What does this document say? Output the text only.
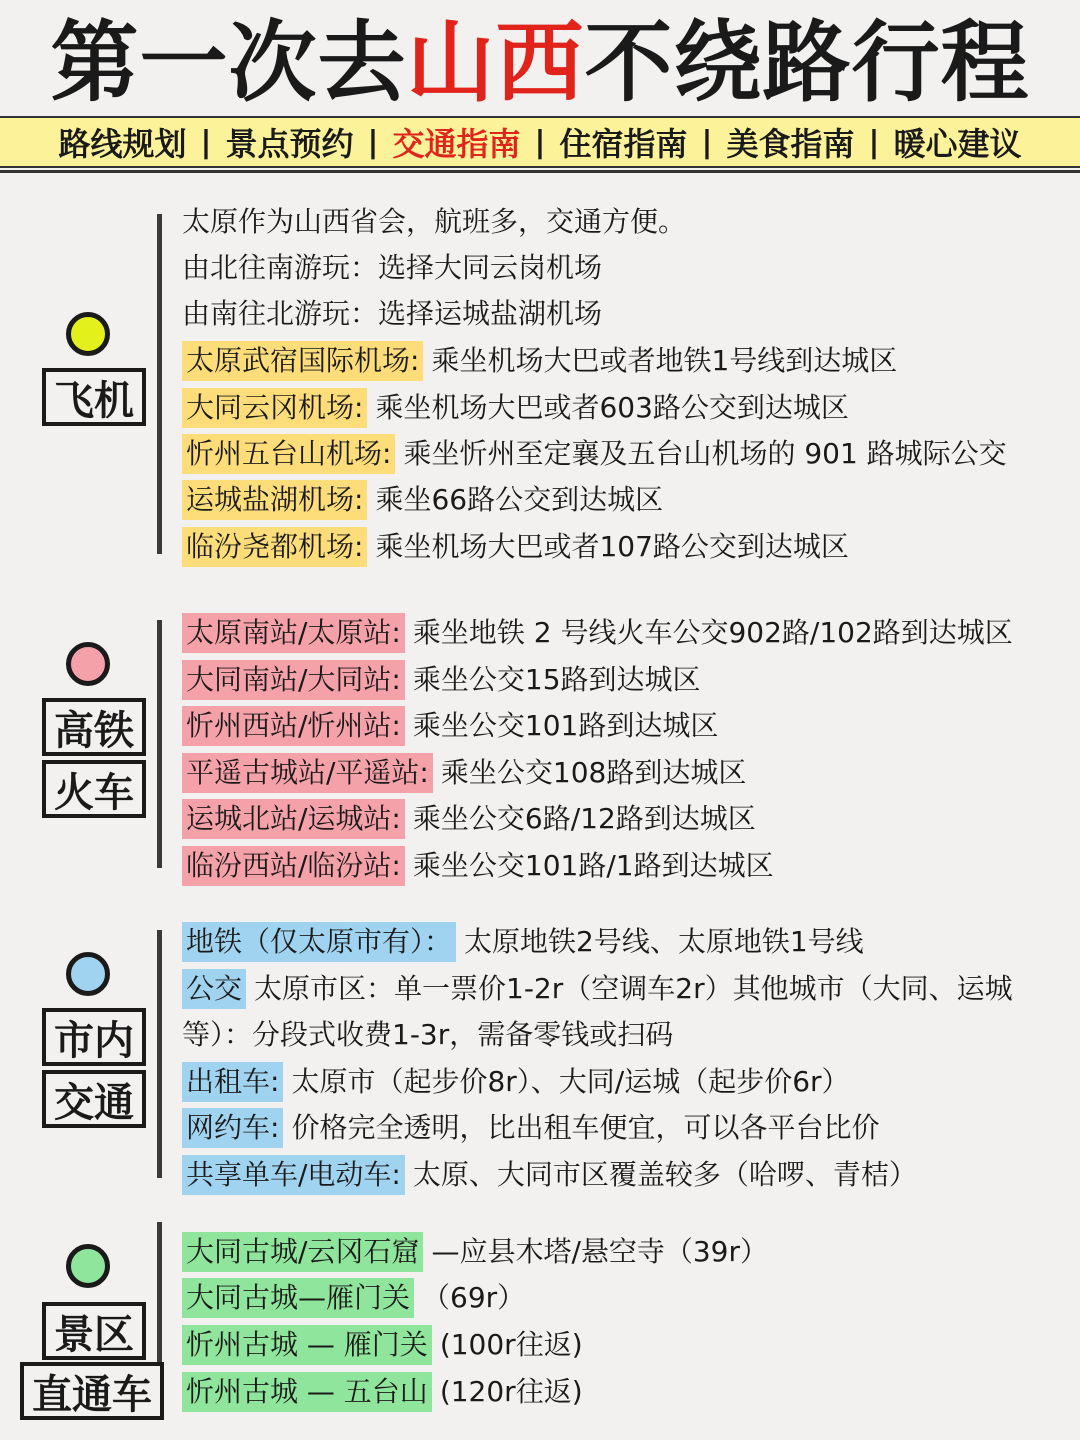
第一次去 山西 不绕路行程
路线规划 | 景点预约 | 交通指南 | 住宿指南 | 美食指南 | 暖心建议
飞机
太原作为山西省会，航班多，交通方便。
由北往南游玩：选择大同云岗机场
由南往北游玩：选择运城盐湖机场
太原武宿国际机场: 乘坐机场大巴或者地铁1号线到达城区
大同云冈机场: 乘坐机场大巴或者603路公交到达城区
忻州五台山机场: 乘坐忻州至定襄及五台山机场的 901 路城际公交
运城盐湖机场: 乘坐66路公交到达城区
临汾尧都机场: 乘坐机场大巴或者107路公交到达城区
高铁
火车
太原南站/太原站: 乘坐地铁 2 号线火车公交902路/102路到达城区
大同南站/大同站: 乘坐公交15路到达城区
忻州西站/忻州站: 乘坐公交101路到达城区
平遥古城站/平遥站: 乘坐公交108路到达城区
运城北站/运城站: 乘坐公交6路/12路到达城区
临汾西站/临汾站: 乘坐公交101路/1路到达城区
市内
交通
地铁（仅太原市有）： 太原地铁2号线、太原地铁1号线
公交 太原市区：单一票价1-2r（空调车2r）其他城市（大同、运城
等）：分段式收费1-3r，需备零钱或扫码
出租车: 太原市（起步价8r）、大同/运城（起步价6r）
网约车: 价格完全透明，比出租车便宜，可以各平台比价
共享单车/电动车: 太原、大同市区覆盖较多（哈啰、青桔）
景区
直通车
大同古城/云冈石窟 —应县木塔/悬空寺（39r）
大同古城—雁门关 （69r）
忻州古城 — 雁门关 (100r往返)
忻州古城 — 五台山 (120r往返)
